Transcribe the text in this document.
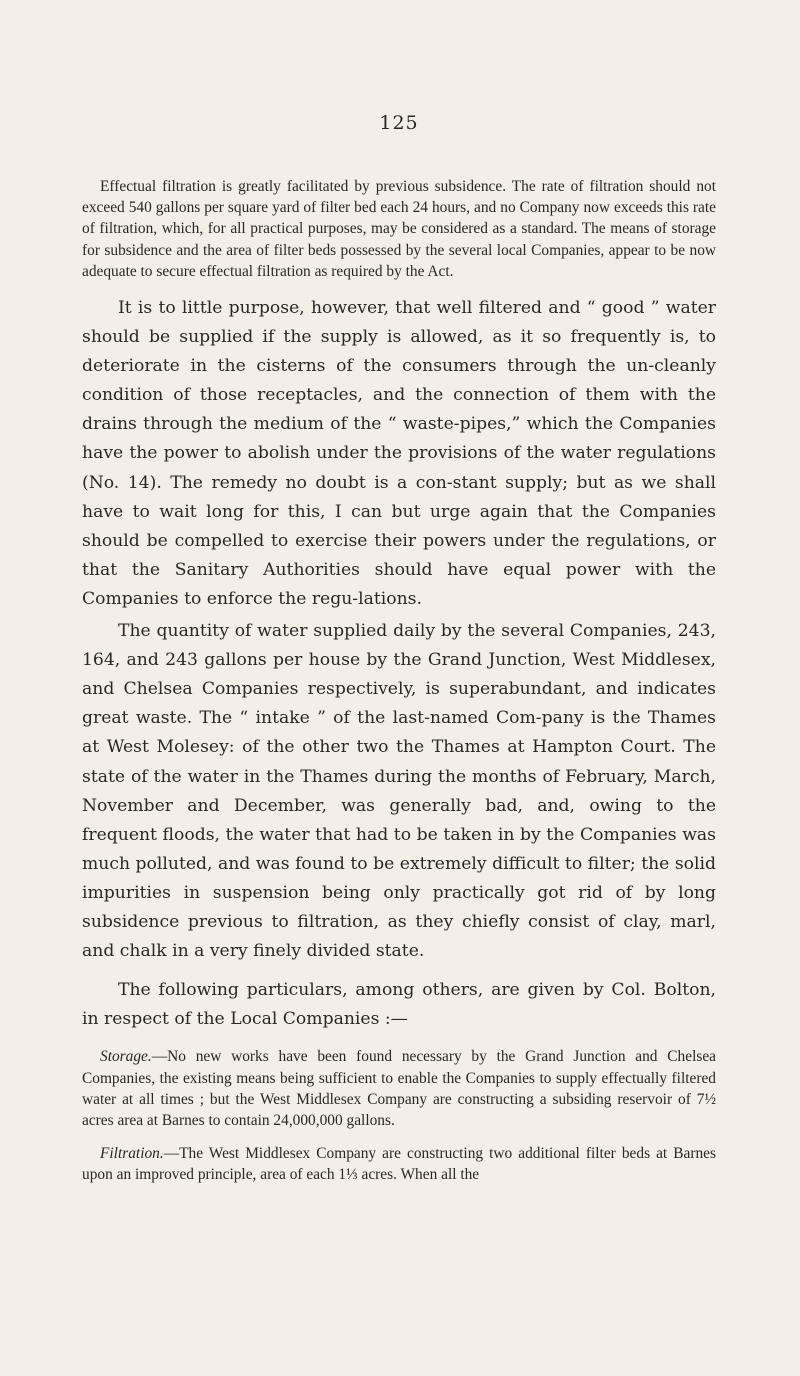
125

Effectual filtration is greatly facilitated by previous subsidence. The rate of filtration should not exceed 540 gallons per square yard of filter bed each 24 hours, and no Company now exceeds this rate of filtration, which, for all practical purposes, may be considered as a standard. The means of storage for subsidence and the area of filter beds possessed by the several local Companies, appear to be now adequate to secure effectual filtration as required by the Act.

It is to little purpose, however, that well filtered and “ good ” water should be supplied if the supply is allowed, as it so frequently is, to deteriorate in the cisterns of the consumers through the un-cleanly condition of those receptacles, and the connection of them with the drains through the medium of the “ waste-pipes,” which the Companies have the power to abolish under the provisions of the water regulations (No. 14). The remedy no doubt is a con-stant supply; but as we shall have to wait long for this, I can but urge again that the Companies should be compelled to exercise their powers under the regulations, or that the Sanitary Authorities should have equal power with the Companies to enforce the regu-lations.

The quantity of water supplied daily by the several Companies, 243, 164, and 243 gallons per house by the Grand Junction, West Middlesex, and Chelsea Companies respectively, is superabundant, and indicates great waste. The “ intake ” of the last-named Com-pany is the Thames at West Molesey: of the other two the Thames at Hampton Court. The state of the water in the Thames during the months of February, March, November and December, was generally bad, and, owing to the frequent floods, the water that had to be taken in by the Companies was much polluted, and was found to be extremely difficult to filter; the solid impurities in suspension being only practically got rid of by long subsidence previous to filtration, as they chiefly consist of clay, marl, and chalk in a very finely divided state.

The following particulars, among others, are given by Col. Bolton, in respect of the Local Companies :—

Storage.—No new works have been found necessary by the Grand Junction and Chelsea Companies, the existing means being sufficient to enable the Companies to supply effectually filtered water at all times ; but the West Middlesex Company are constructing a subsiding reservoir of 7½ acres area at Barnes to contain 24,000,000 gallons.

Filtration.—The West Middlesex Company are constructing two additional filter beds at Barnes upon an improved principle, area of each 1⅓ acres. When all the
